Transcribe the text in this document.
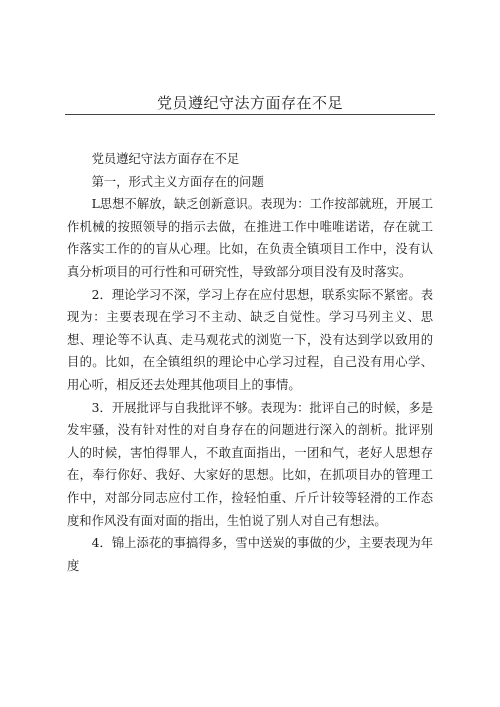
党员遵纪守法方面存在不足

党员遵纪守法方面存在不足

第一，形式主义方面存在的问题

L思想不解放，缺乏创新意识。表现为：工作按部就班，开展工作机械的按照领导的指示去做，在推进工作中唯唯诺诺，存在就工作落实工作的的盲从心理。比如，在负责全镇项目工作中，没有认真分析项目的可行性和可研究性，导致部分项目没有及时落实。

2．理论学习不深，学习上存在应付思想，联系实际不紧密。表现为：主要表现在学习不主动、缺乏自觉性。学习马列主义、思想、理论等不认真、走马观花式的浏览一下，没有达到学以致用的目的。比如，在全镇组织的理论中心学习过程，自己没有用心学、用心听，相反还去处理其他项目上的事情。

3．开展批评与自我批评不够。表现为：批评自己的时候，多是发牢骚，没有针对性的对自身存在的问题进行深入的剖析。批评别人的时候，害怕得罪人，不敢直面指出，一团和气，老好人思想存在，奉行你好、我好、大家好的思想。比如，在抓项目办的管理工作中，对部分同志应付工作，捡轻怕重、斤斤计较等轻滑的工作态度和作风没有面对面的指出，生怕说了别人对自己有想法。

4．锦上添花的事搞得多，雪中送炭的事做的少，主要表现为年度
